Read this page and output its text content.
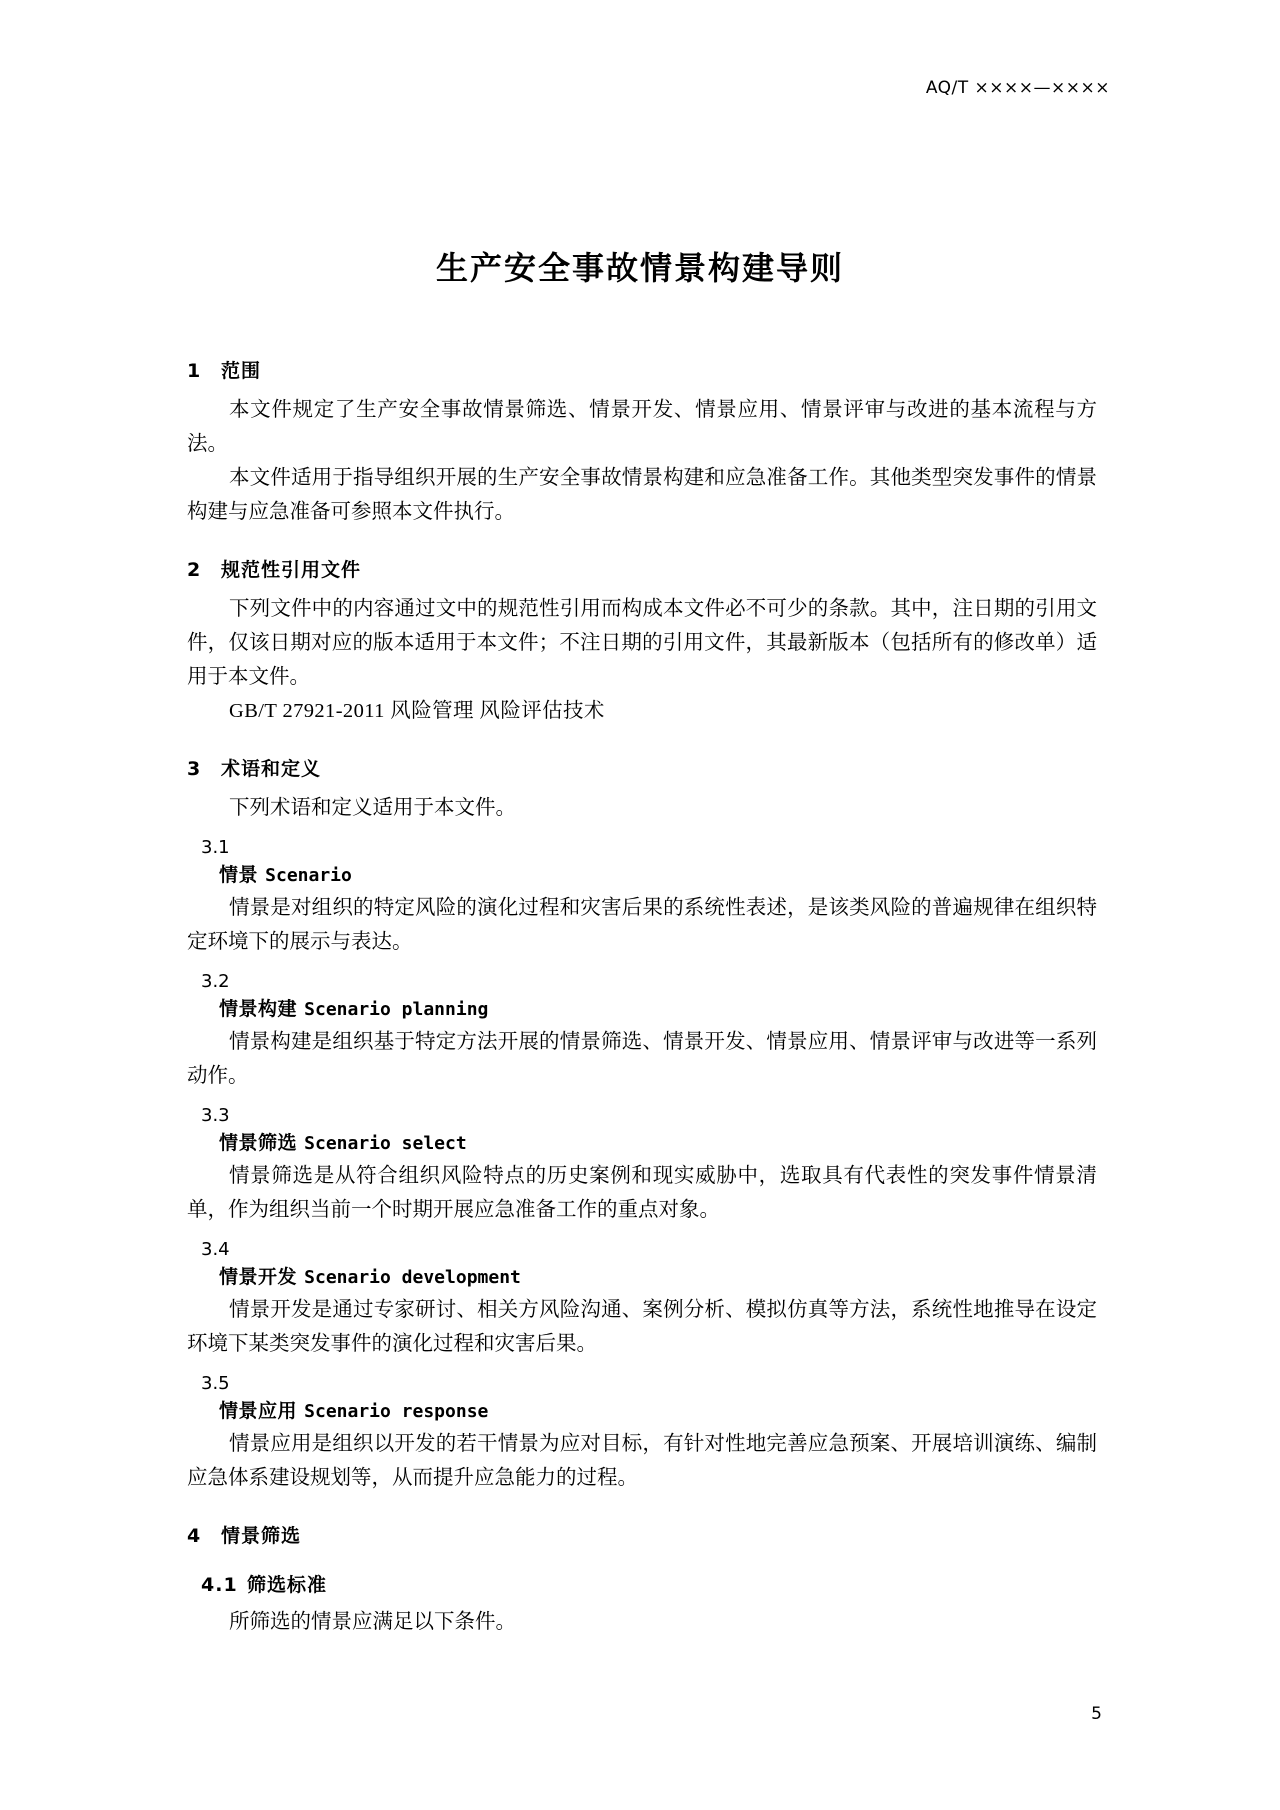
AQ/T ××××—××××
生产安全事故情景构建导则
1 范围

本文件规定了生产安全事故情景筛选、情景开发、情景应用、情景评审与改进的基本流程与方法。

本文件适用于指导组织开展的生产安全事故情景构建和应急准备工作。其他类型突发事件的情景构建与应急准备可参照本文件执行。

2 规范性引用文件

下列文件中的内容通过文中的规范性引用而构成本文件必不可少的条款。其中，注日期的引用文件，仅该日期对应的版本适用于本文件；不注日期的引用文件，其最新版本（包括所有的修改单）适用于本文件。

GB/T 27921-2011 风险管理 风险评估技术

3 术语和定义

下列术语和定义适用于本文件。

3.1
情景 Scenario

情景是对组织的特定风险的演化过程和灾害后果的系统性表述，是该类风险的普遍规律在组织特定环境下的展示与表达。

3.2
情景构建 Scenario planning

情景构建是组织基于特定方法开展的情景筛选、情景开发、情景应用、情景评审与改进等一系列动作。

3.3
情景筛选 Scenario select

情景筛选是从符合组织风险特点的历史案例和现实威胁中，选取具有代表性的突发事件情景清单，作为组织当前一个时期开展应急准备工作的重点对象。

3.4
情景开发 Scenario development

情景开发是通过专家研讨、相关方风险沟通、案例分析、模拟仿真等方法，系统性地推导在设定环境下某类突发事件的演化过程和灾害后果。

3.5
情景应用 Scenario response

情景应用是组织以开发的若干情景为应对目标，有针对性地完善应急预案、开展培训演练、编制应急体系建设规划等，从而提升应急能力的过程。

4 情景筛选
4.1 筛选标准

所筛选的情景应满足以下条件。

5
